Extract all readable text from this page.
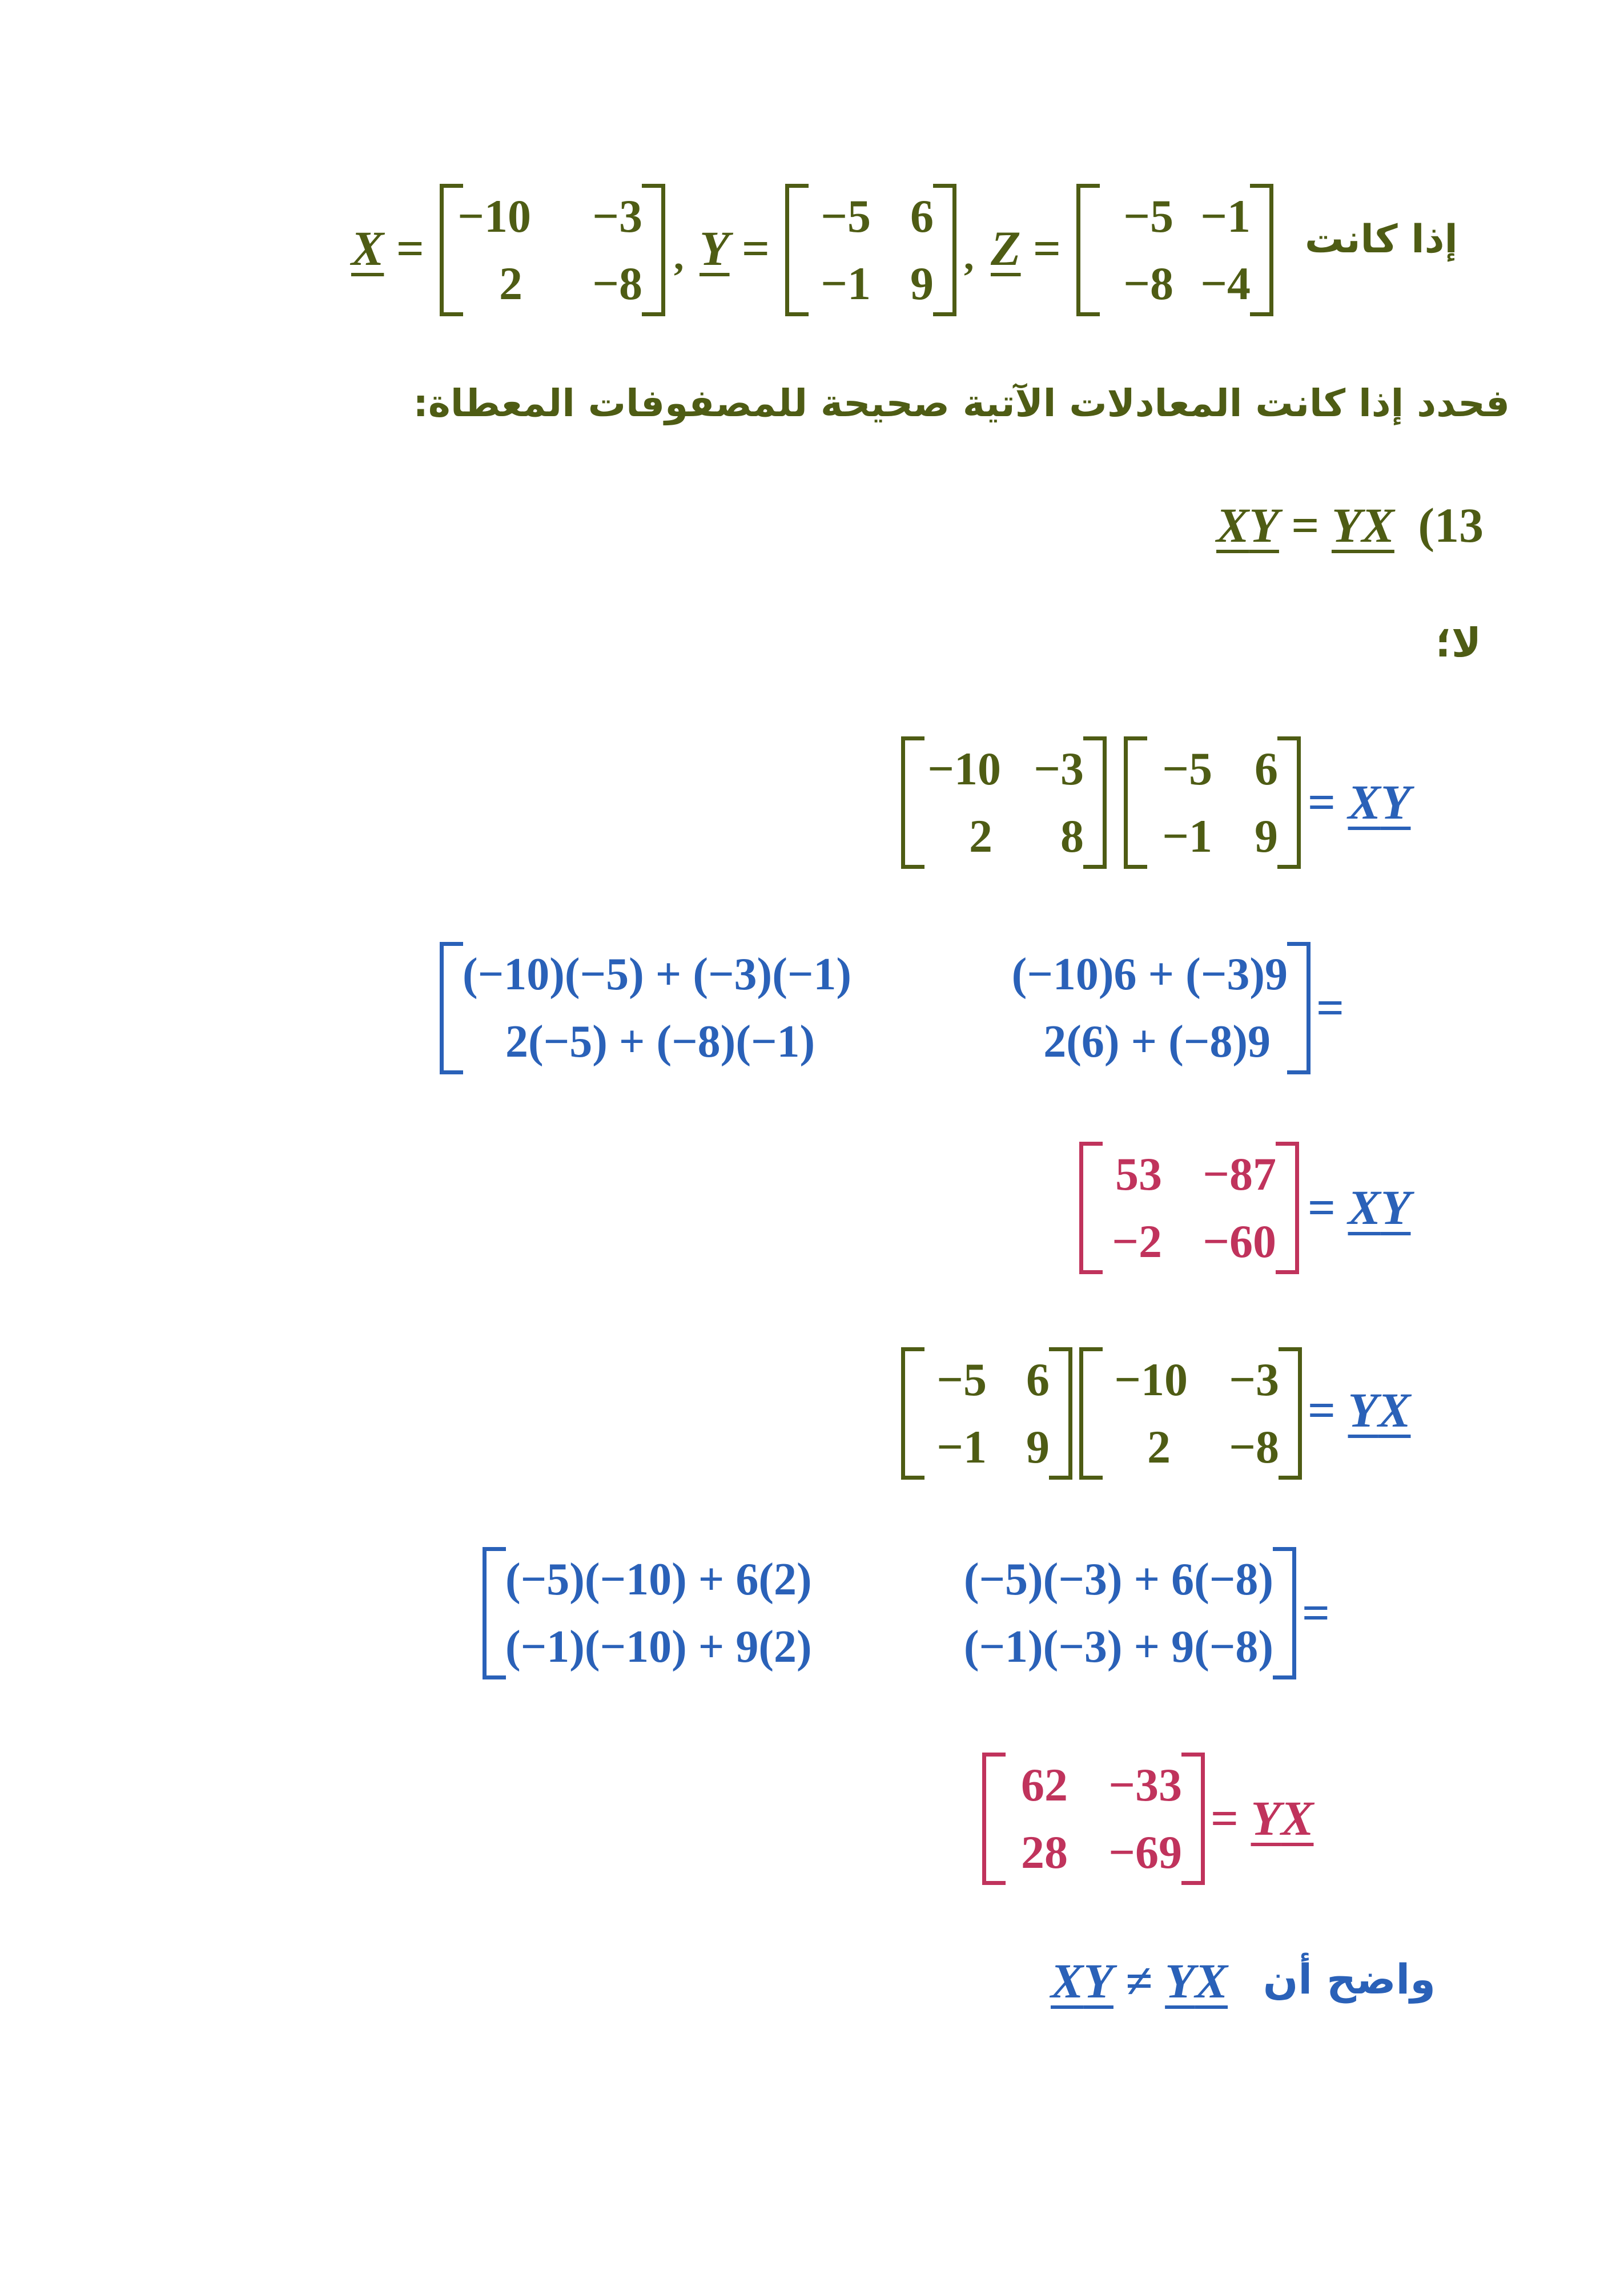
إذا كانت
X =
−10 −3
2 −8
, Y =
−5 6
−1 9
, Z =
−5 −1
−8 −4
فحدد إذا كانت المعادلات الآتية صحيحة للمصفوفات المعطاة:
XY = YX (13
لا؛
−10 −3
2 8
−5 6
−1 9
= XY
(−10)(−5) + (−3)(−1)	(−10)6 + (−3)9
2(−5) + (−8)(−1)	2(6) + (−8)9
=
53 −87
−2 −60
= XY
−5 6
−1 9
−10 −3
2 −8
= YX
(−5)(−10) + 6(2)	(−5)(−3) + 6(−8)
(−1)(−10) + 9(2)	(−1)(−3) + 9(−8)
=
62 −33
28 −69
= YX
XY ≠ YX واضح أن
